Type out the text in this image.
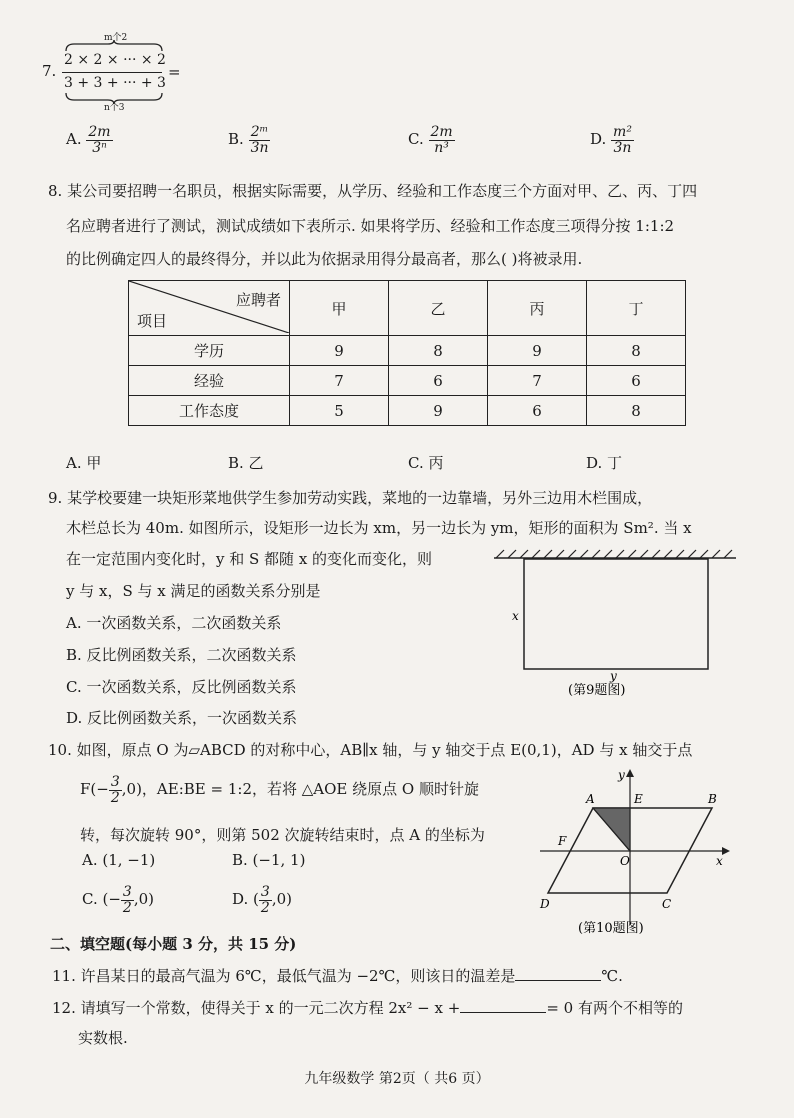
7.
m个2
2 × 2 × ··· × 2
3 + 3 + ··· + 3
n个3
=
A. $\frac{2m}{\text{3ⁿ}}$	B. $\frac{\text{2ᵐ}}{3n}$	C. $\frac{2m}{\text{n³}}$	D. $\frac{\text{m²}}{3n}$
8. 某公司要招聘一名职员，根据实际需要，从学历、经验和工作态度三个方面对甲、乙、丙、丁四
名应聘者进行了测试，测试成绩如下表所示. 如果将学历、经验和工作态度三项得分按 1:1:2
的比例确定四人的最终得分，并以此为依据录用得分最高者，那么( )将被录用.
应聘者
项目	甲	乙	丙	丁
学历	9	8	9	8
经验	7	6	7	6
工作态度	5	9	6	8
A. 甲	B. 乙	C. 丙	D. 丁
9. 某学校要建一块矩形菜地供学生参加劳动实践，菜地的一边靠墙，另外三边用木栏围成，
木栏总长为 40m. 如图所示，设矩形一边长为 xm，另一边长为 ym，矩形的面积为 Sm². 当 x
在一定范围内变化时，y 和 S 都随 x 的变化而变化，则
y 与 x，S 与 x 满足的函数关系分别是
A. 一次函数关系，二次函数关系
B. 反比例函数关系，二次函数关系
C. 一次函数关系，反比例函数关系
D. 反比例函数关系，一次函数关系
x
y
(第9题图)
10. 如图，原点 O 为▱ABCD 的对称中心，AB∥x 轴，与 y 轴交于点 E(0,1)，AD 与 x 轴交于点
$F(- \frac{3}{2} ,0)$，AE:BE = 1:2，若将 △AOE 绕原点 O 顺时针旋
转，每次旋转 90°，则第 502 次旋转结束时，点 A 的坐标为
A. (1, −1)	B. (−1, 1)
C. (− $\frac{3}{2} ,0$)	D. ( $\frac{3}{2} ,0$)
y
A	E	B
F
O	x
D	C
(第10题图)
二、填空题(每小题 3 分，共 15 分)
11. 许昌某日的最高气温为 6℃，最低气温为 −2℃，则该日的温差是	℃.
12. 请填写一个常数，使得关于 x 的一元二次方程 2x² − x +	= 0 有两个不相等的
实数根.
九年级数学 第2页（ 共6 页）
